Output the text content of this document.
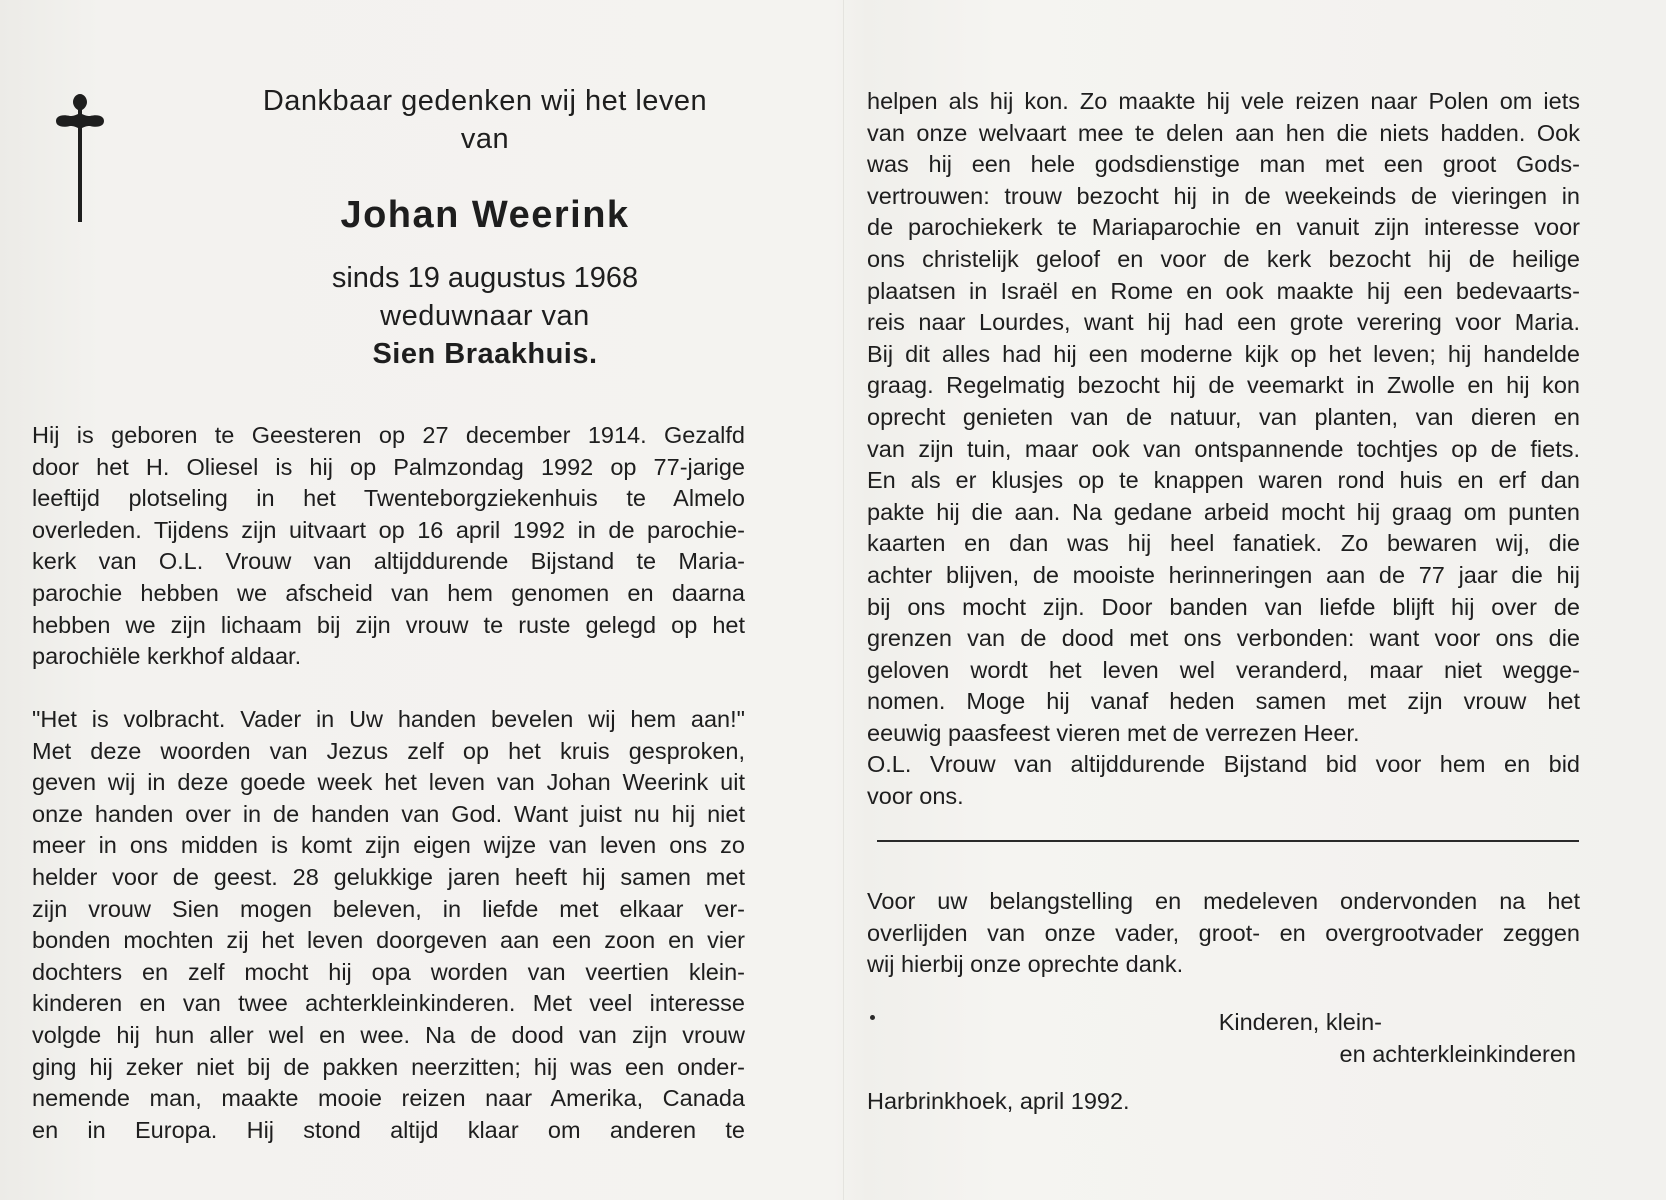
Dankbaar gedenken wij het leven
van
Johan Weerink
sinds 19 augustus 1968
weduwnaar van
Sien Braakhuis.
Hij is geboren te Geesteren op 27 december 1914. Gezalfd
door het H. Oliesel is hij op Palmzondag 1992 op 77-jarige
leeftijd plotseling in het Twenteborgziekenhuis te Almelo
overleden. Tijdens zijn uitvaart op 16 april 1992 in de parochie-
kerk van O.L. Vrouw van altijddurende Bijstand te Maria-
parochie hebben we afscheid van hem genomen en daarna
hebben we zijn lichaam bij zijn vrouw te ruste gelegd op het
parochiële kerkhof aldaar.
"Het is volbracht. Vader in Uw handen bevelen wij hem aan!"
Met deze woorden van Jezus zelf op het kruis gesproken,
geven wij in deze goede week het leven van Johan Weerink uit
onze handen over in de handen van God. Want juist nu hij niet
meer in ons midden is komt zijn eigen wijze van leven ons zo
helder voor de geest. 28 gelukkige jaren heeft hij samen met
zijn vrouw Sien mogen beleven, in liefde met elkaar ver-
bonden mochten zij het leven doorgeven aan een zoon en vier
dochters en zelf mocht hij opa worden van veertien klein-
kinderen en van twee achterkleinkinderen. Met veel interesse
volgde hij hun aller wel en wee. Na de dood van zijn vrouw
ging hij zeker niet bij de pakken neerzitten; hij was een onder-
nemende man, maakte mooie reizen naar Amerika, Canada
en in Europa. Hij stond altijd klaar om anderen te
helpen als hij kon. Zo maakte hij vele reizen naar Polen om iets
van onze welvaart mee te delen aan hen die niets hadden. Ook
was hij een hele godsdienstige man met een groot Gods-
vertrouwen: trouw bezocht hij in de weekeinds de vieringen in
de parochiekerk te Mariaparochie en vanuit zijn interesse voor
ons christelijk geloof en voor de kerk bezocht hij de heilige
plaatsen in Israël en Rome en ook maakte hij een bedevaarts-
reis naar Lourdes, want hij had een grote verering voor Maria.
Bij dit alles had hij een moderne kijk op het leven; hij handelde
graag. Regelmatig bezocht hij de veemarkt in Zwolle en hij kon
oprecht genieten van de natuur, van planten, van dieren en
van zijn tuin, maar ook van ontspannende tochtjes op de fiets.
En als er klusjes op te knappen waren rond huis en erf dan
pakte hij die aan. Na gedane arbeid mocht hij graag om punten
kaarten en dan was hij heel fanatiek. Zo bewaren wij, die
achter blijven, de mooiste herinneringen aan de 77 jaar die hij
bij ons mocht zijn. Door banden van liefde blijft hij over de
grenzen van de dood met ons verbonden: want voor ons die
geloven wordt het leven wel veranderd, maar niet wegge-
nomen. Moge hij vanaf heden samen met zijn vrouw het
eeuwig paasfeest vieren met de verrezen Heer.
O.L. Vrouw van altijddurende Bijstand bid voor hem en bid
voor ons.
Voor uw belangstelling en medeleven ondervonden na het
overlijden van onze vader, groot- en overgrootvader zeggen
wij hierbij onze oprechte dank.
Kinderen, klein-
en achterkleinkinderen
Harbrinkhoek, april 1992.
